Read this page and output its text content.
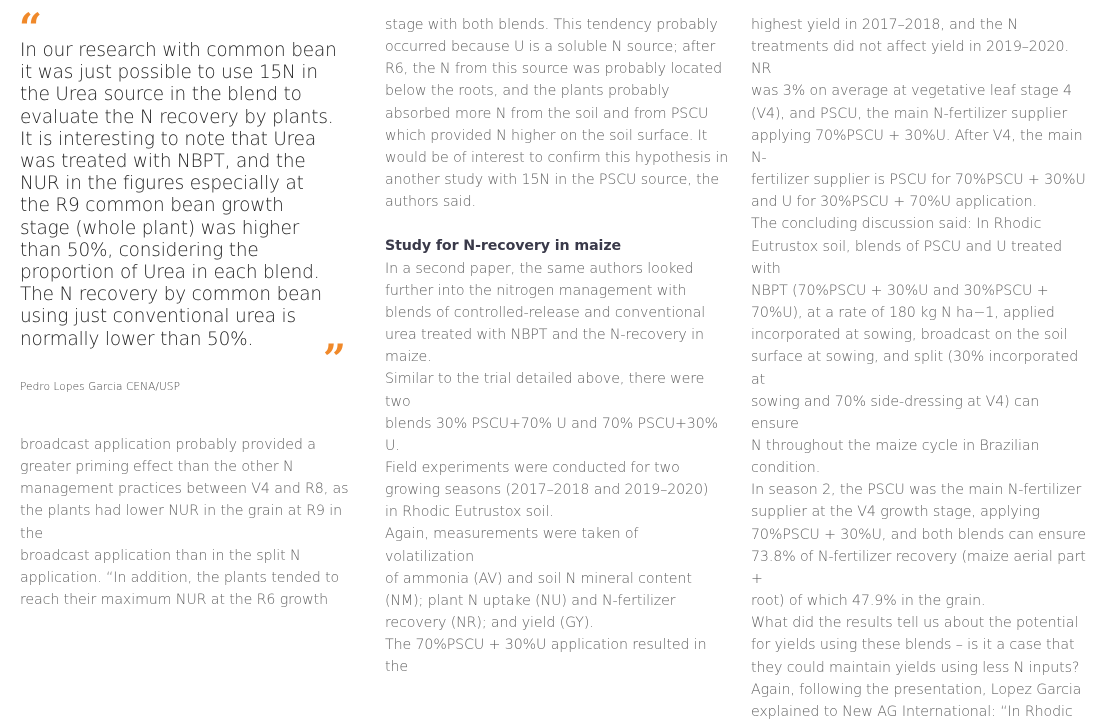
“
In our research with common bean
it was just possible to use 15N in
the Urea source in the blend to
evaluate the N recovery by plants.
It is interesting to note that Urea
was treated with NBPT, and the
NUR in the figures especially at
the R9 common bean growth
stage (whole plant) was higher
than 50%, considering the
proportion of Urea in each blend.
The N recovery by common bean
using just conventional urea is
normally lower than 50%.	”
Pedro Lopes Garcia CENA/USP

broadcast application probably provided a

greater priming effect than the other N

management practices between V4 and R8, as

the plants had lower NUR in the grain at R9 in the

broadcast application than in the split N

application. “In addition, the plants tended to

reach their maximum NUR at the R6 growth

stage with both blends. This tendency probably

occurred because U is a soluble N source; after

R6, the N from this source was probably located

below the roots, and the plants probably

absorbed more N from the soil and from PSCU

which provided N higher on the soil surface. It

would be of interest to confirm this hypothesis in

another study with 15N in the PSCU source, the

authors said.

Study for N-recovery in maize

In a second paper, the same authors looked

further into the nitrogen management with

blends of controlled-release and conventional

urea treated with NBPT and the N-recovery in

maize.

Similar to the trial detailed above, there were two

blends 30% PSCU+70% U and 70% PSCU+30% U.

Field experiments were conducted for two

growing seasons (2017–2018 and 2019–2020)

in Rhodic Eutrustox soil.

Again, measurements were taken of volatilization

of ammonia (AV) and soil N mineral content

(NM); plant N uptake (NU) and N-fertilizer

recovery (NR); and yield (GY).

The 70%PSCU + 30%U application resulted in the

highest yield in 2017–2018, and the N

treatments did not affect yield in 2019–2020. NR

was 3% on average at vegetative leaf stage 4

(V4), and PSCU, the main N-fertilizer supplier

applying 70%PSCU + 30%U. After V4, the main N-

fertilizer supplier is PSCU for 70%PSCU + 30%U

and U for 30%PSCU + 70%U application.

The concluding discussion said: In Rhodic

Eutrustox soil, blends of PSCU and U treated with

NBPT (70%PSCU + 30%U and 30%PSCU +

70%U), at a rate of 180 kg N ha−1, applied

incorporated at sowing, broadcast on the soil

surface at sowing, and split (30% incorporated at

sowing and 70% side-dressing at V4) can ensure

N throughout the maize cycle in Brazilian

condition.

In season 2, the PSCU was the main N-fertilizer

supplier at the V4 growth stage, applying

70%PSCU + 30%U, and both blends can ensure

73.8% of N-fertilizer recovery (maize aerial part +

root) of which 47.9% in the grain.

What did the results tell us about the potential

for yields using these blends – is it a case that

they could maintain yields using less N inputs?

Again, following the presentation, Lopez Garcia

explained to New AG International: “In Rhodic
